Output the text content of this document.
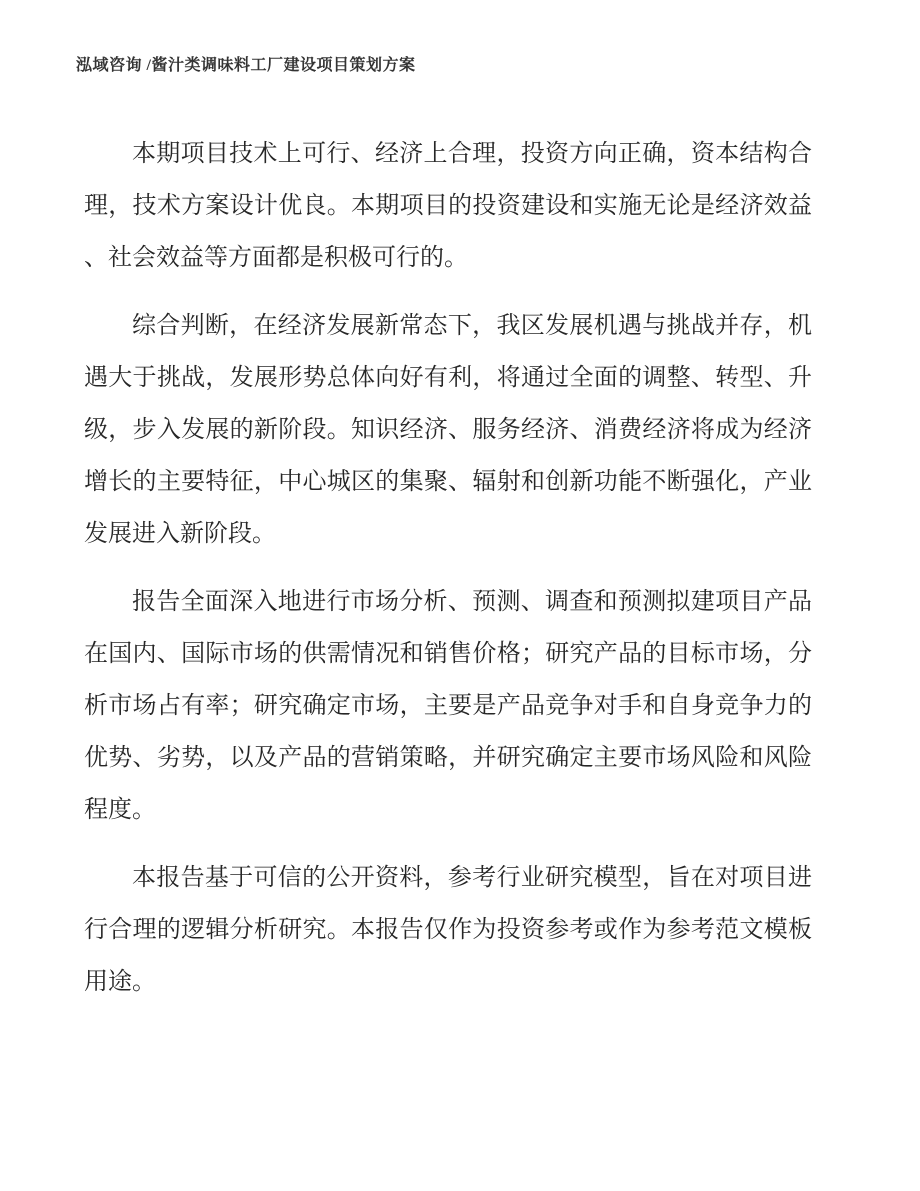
泓域咨询 /酱汁类调味料工厂建设项目策划方案

本期项目技术上可行、经济上合理，投资方向正确，资本结构合
理，技术方案设计优良。本期项目的投资建设和实施无论是经济效益
、社会效益等方面都是积极可行的。

综合判断，在经济发展新常态下，我区发展机遇与挑战并存，机
遇大于挑战，发展形势总体向好有利，将通过全面的调整、转型、升
级，步入发展的新阶段。知识经济、服务经济、消费经济将成为经济
增长的主要特征，中心城区的集聚、辐射和创新功能不断强化，产业
发展进入新阶段。

报告全面深入地进行市场分析、预测、调查和预测拟建项目产品
在国内、国际市场的供需情况和销售价格；研究产品的目标市场，分
析市场占有率；研究确定市场，主要是产品竞争对手和自身竞争力的
优势、劣势，以及产品的营销策略，并研究确定主要市场风险和风险
程度。

本报告基于可信的公开资料，参考行业研究模型，旨在对项目进
行合理的逻辑分析研究。本报告仅作为投资参考或作为参考范文模板
用途。
